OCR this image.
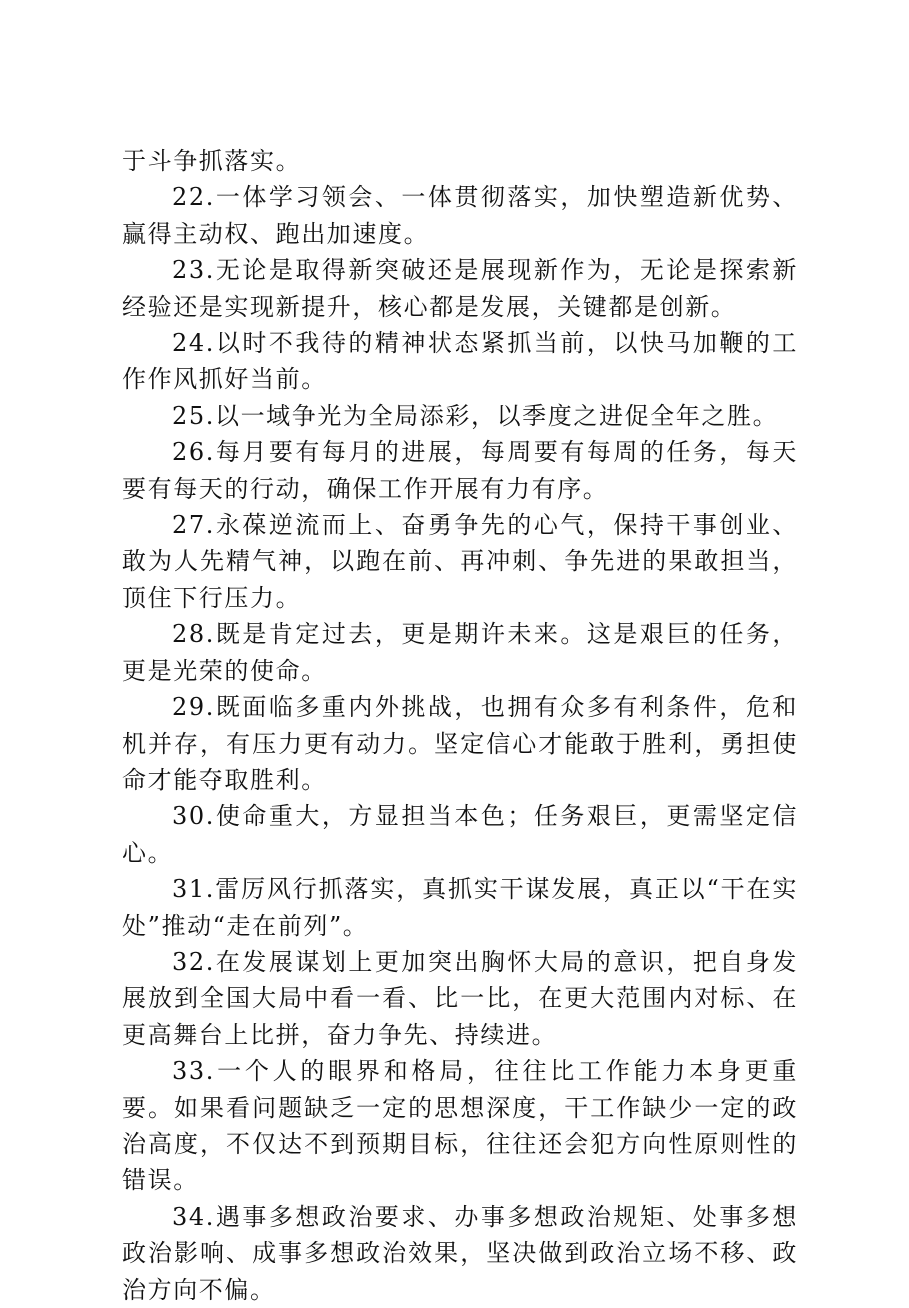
于斗争抓落实。

22.一体学习领会、一体贯彻落实，加快塑造新优势、赢得主动权、跑出加速度。

23.无论是取得新突破还是展现新作为，无论是探索新经验还是实现新提升，核心都是发展，关键都是创新。

24.以时不我待的精神状态紧抓当前，以快马加鞭的工作作风抓好当前。

25.以一域争光为全局添彩，以季度之进促全年之胜。

26.每月要有每月的进展，每周要有每周的任务，每天要有每天的行动，确保工作开展有力有序。

27.永葆逆流而上、奋勇争先的心气，保持干事创业、敢为人先精气神，以跑在前、再冲刺、争先进的果敢担当，顶住下行压力。

28.既是肯定过去，更是期许未来。这是艰巨的任务，更是光荣的使命。

29.既面临多重内外挑战，也拥有众多有利条件，危和机并存，有压力更有动力。坚定信心才能敢于胜利，勇担使命才能夺取胜利。

30.使命重大，方显担当本色；任务艰巨，更需坚定信心。

31.雷厉风行抓落实，真抓实干谋发展，真正以“干在实处”推动“走在前列”。

32.在发展谋划上更加突出胸怀大局的意识，把自身发展放到全国大局中看一看、比一比，在更大范围内对标、在更高舞台上比拼，奋力争先、持续进。

33.一个人的眼界和格局，往往比工作能力本身更重要。如果看问题缺乏一定的思想深度，干工作缺少一定的政治高度，不仅达不到预期目标，往往还会犯方向性原则性的错误。

34.遇事多想政治要求、办事多想政治规矩、处事多想政治影响、成事多想政治效果，坚决做到政治立场不移、政治方向不偏。
